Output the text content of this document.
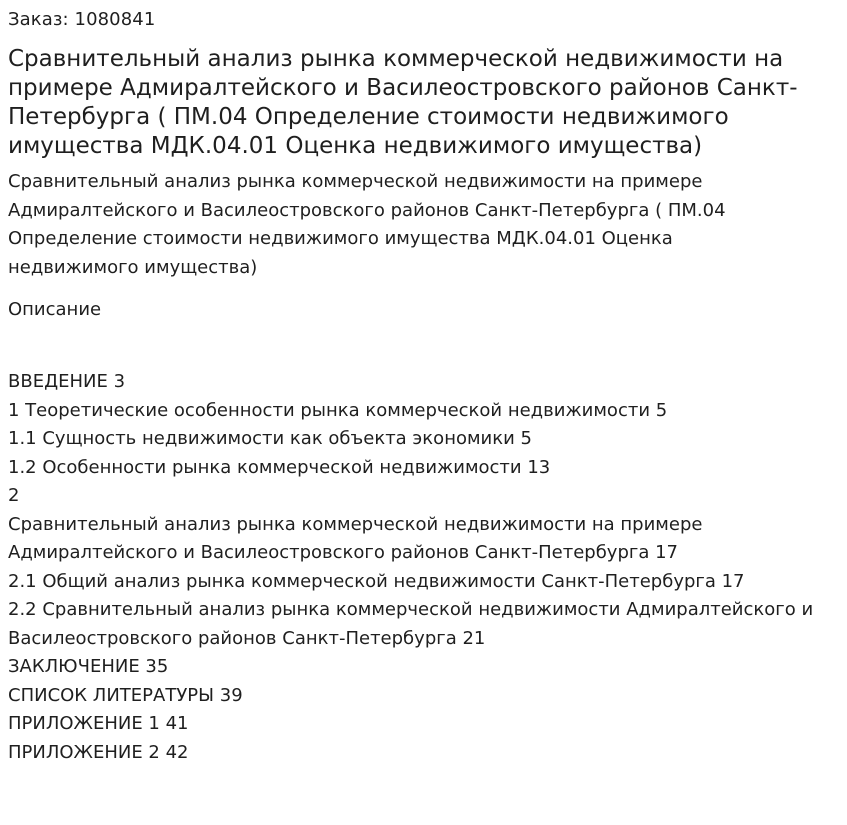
Заказ: 1080841

Сравнительный анализ рынка коммерческой недвижимости на примере Адмиралтейского и Василеостровского районов Санкт-Петербурга ( ПМ.04 Определение стоимости недвижимого имущества МДК.04.01 Оценка недвижимого имущества)

Сравнительный анализ рынка коммерческой недвижимости на примере Адмиралтейского и Василеостровского районов Санкт-Петербурга ( ПМ.04 Определение стоимости недвижимого имущества МДК.04.01 Оценка недвижимого имущества)

Описание

ВВЕДЕНИЕ 3
1 Теоретические особенности рынка коммерческой недвижимости 5
1.1 Сущность недвижимости как объекта экономики 5
1.2 Особенности рынка коммерческой недвижимости 13
2
Сравнительный анализ рынка коммерческой недвижимости на примере Адмиралтейского и Василеостровского районов Санкт-Петербурга 17
2.1 Общий анализ рынка коммерческой недвижимости Санкт-Петербурга 17
2.2 Сравнительный анализ рынка коммерческой недвижимости Адмиралтейского и Василеостровского районов Санкт-Петербурга 21
ЗАКЛЮЧЕНИЕ 35
СПИСОК ЛИТЕРАТУРЫ 39
ПРИЛОЖЕНИЕ 1 41
ПРИЛОЖЕНИЕ 2 42
